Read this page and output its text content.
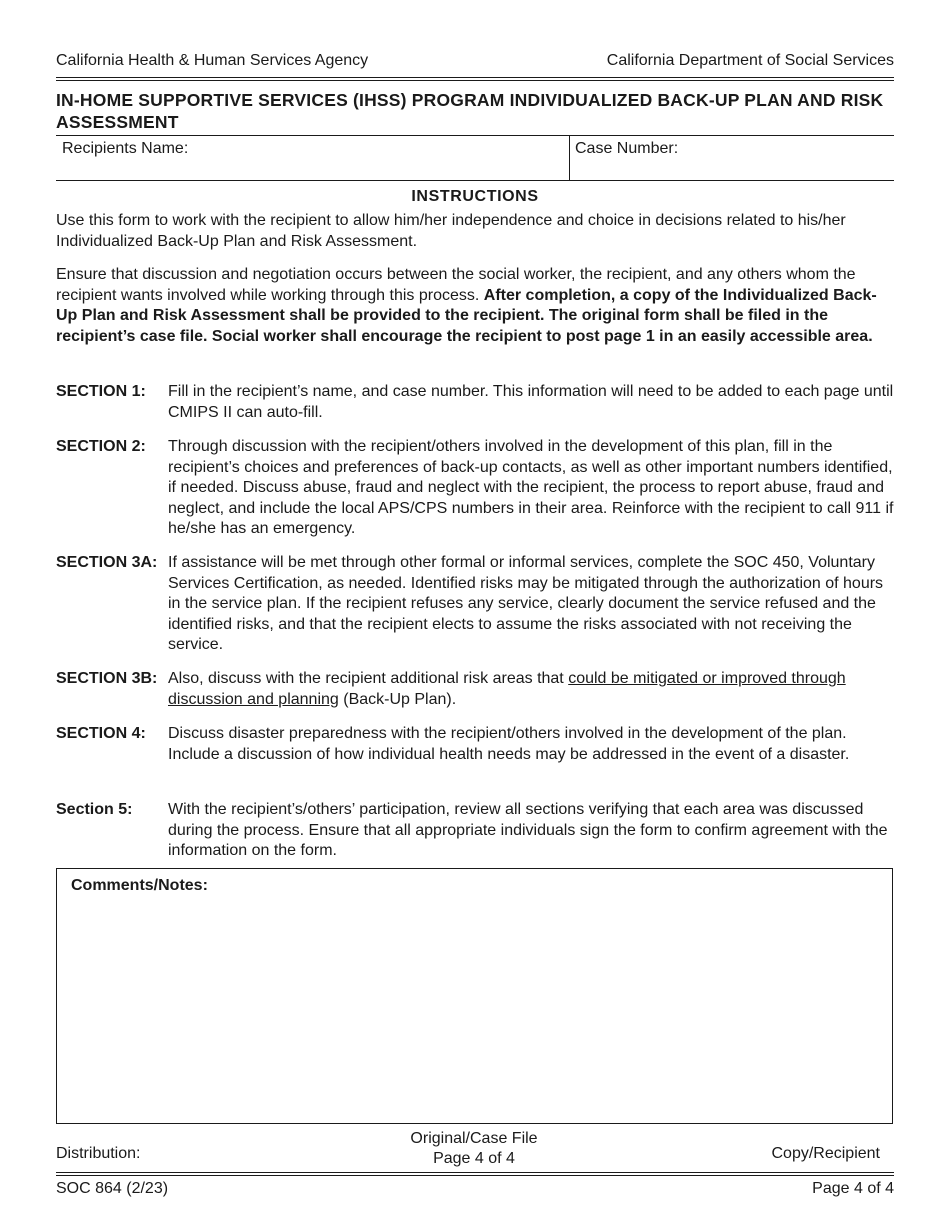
California Health & Human Services Agency	California Department of Social Services
IN-HOME SUPPORTIVE SERVICES (IHSS) PROGRAM INDIVIDUALIZED BACK-UP PLAN AND RISK ASSESSMENT
Recipients Name:	Case Number:
INSTRUCTIONS
Use this form to work with the recipient to allow him/her independence and choice in decisions related to his/her Individualized Back-Up Plan and Risk Assessment.
Ensure that discussion and negotiation occurs between the social worker, the recipient, and any others whom the recipient wants involved while working through this process. After completion, a copy of the Individualized Back-Up Plan and Risk Assessment shall be provided to the recipient. The original form shall be filed in the recipient’s case file. Social worker shall encourage the recipient to post page 1 in an easily accessible area.
SECTION 1: Fill in the recipient’s name, and case number. This information will need to be added to each page until CMIPS II can auto-fill.
SECTION 2: Through discussion with the recipient/others involved in the development of this plan, fill in the recipient’s choices and preferences of back-up contacts, as well as other important numbers identified, if needed. Discuss abuse, fraud and neglect with the recipient, the process to report abuse, fraud and neglect, and include the local APS/CPS numbers in their area. Reinforce with the recipient to call 911 if he/she has an emergency.
SECTION 3A: If assistance will be met through other formal or informal services, complete the SOC 450, Voluntary Services Certification, as needed. Identified risks may be mitigated through the authorization of hours in the service plan. If the recipient refuses any service, clearly document the service refused and the identified risks, and that the recipient elects to assume the risks associated with not receiving the service.
SECTION 3B: Also, discuss with the recipient additional risk areas that could be mitigated or improved through discussion and planning (Back-Up Plan).
SECTION 4: Discuss disaster preparedness with the recipient/others involved in the development of the plan. Include a discussion of how individual health needs may be addressed in the event of a disaster.
Section 5: With the recipient’s/others’ participation, review all sections verifying that each area was discussed during the process. Ensure that all appropriate individuals sign the form to confirm agreement with the information on the form.
Comments/Notes:
Distribution:
Original/Case File
Page 4 of 4	Copy/Recipient
SOC 864 (2/23)	Page 4 of 4
